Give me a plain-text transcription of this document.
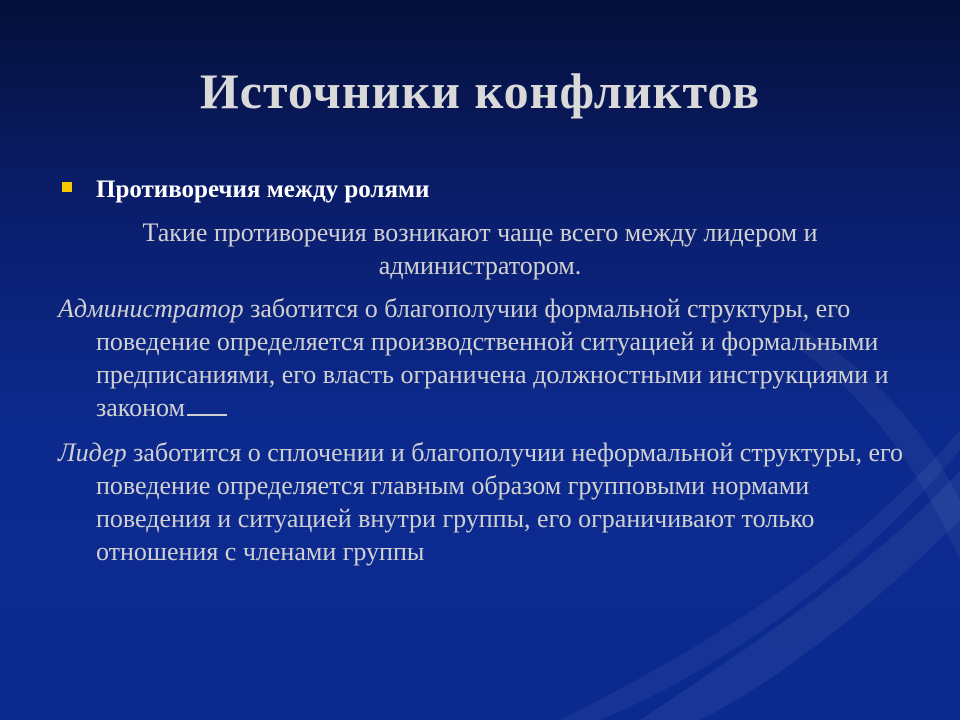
Источники конфликтов
Противоречия между ролями
Такие противоречия возникают чаще всего между лидером и администратором.
Администратор заботится о благополучии формальной структуры, его поведение определяется производственной ситуацией и формальными предписаниями, его власть ограничена должностными инструкциями и законом
Лидер заботится о сплочении и благополучии неформальной структуры, его поведение определяется главным образом групповыми нормами поведения и ситуацией внутри группы, его ограничивают только отношения с членами группы
